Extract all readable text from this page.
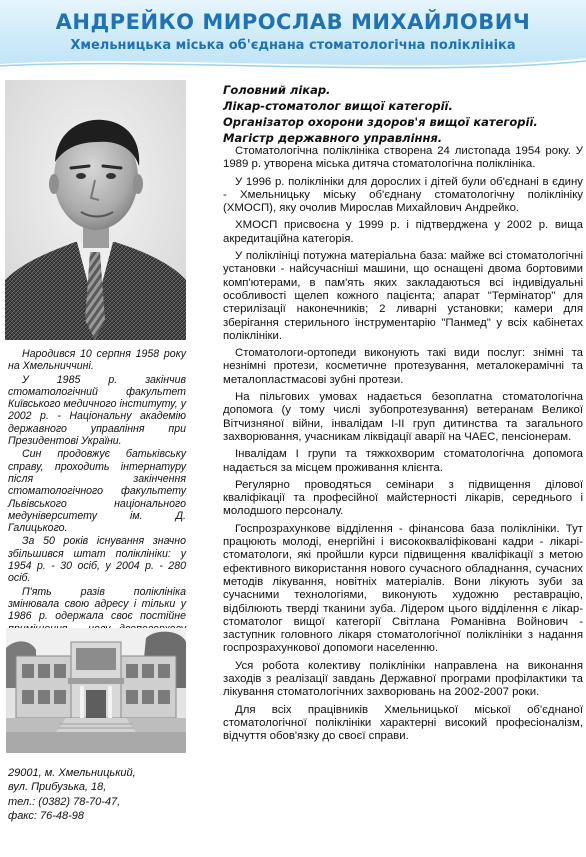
АНДРЕЙКО МИРОСЛАВ МИХАЙЛОВИЧ
Хмельницька міська об'єднана стоматологічна поліклініка

Народився 10 серпня 1958 року на Хмельниччині.

У 1985 р. закінчив стоматологічний факультет Київського медичного інституту, у 2002 р. - Національну академію державного управління при Президентові України.

Син продовжує батьківську справу, проходить інтернатуру після закінчення стоматологічного факультету Львівського національного медуніверситету ім. Д. Галицького.

За 50 років існування значно збільшився штат поліклініки: у 1954 р. - 30 осіб, у 2004 р. - 280 осіб.

П'ять разів поліклініка змінювала свою адресу і тільки у 1986 р. одержала своє постійне

29001, м. Хмельницький,
вул. Прибузька, 18,
тел.: (0382) 78-70-47,
факс: 76-48-98
Головний лікар.
Лікар-стоматолог вищої категорії.
Організатор охорони здоров'я вищої категорії.
Магістр державного управління.

Стоматологічна поліклініка створена 24 листопада 1954 року. У 1989 р. утворена міська дитяча стоматологічна поліклініка.

У 1996 р. поліклініки для дорослих і дітей були об'єднані в єдину - Хмельницьку міську об'єднану стоматологічну поліклініку (ХМОСП), яку очолив Мирослав Михайлович Андрейко.

ХМОСП присвоєна у 1999 р. і підтверджена у 2002 р. вища акредитаційна категорія.

У поліклініці потужна матеріальна база: майже всі стоматологічні установки - найсучасніші машини, що оснащені двома бортовими комп'ютерами, в пам'ять яких закладаються всі індивідуальні особливості щелеп кожного пацієнта; апарат "Термінатор" для стерилізації наконечників; 2 ливарні установки; камери для зберігання стерильного інструментарію "Панмед" у всіх кабінетах поліклініки.

Стоматологи-ортопеди виконують такі види послуг: знімні та незнімні протези, косметичне протезування, металокерамічні та металопластмасові зубні протези.

На пільгових умовах надається безоплатна стоматологічна допомога (у тому числі зубопротезування) ветеранам Великої Вітчизняної війни, інвалідам I-II груп дитинства та загального захворювання, учасникам ліквідації аварії на ЧАЕС, пенсіонерам.

Інвалідам I групи та тяжкохворим стоматологічна допомога надається за місцем проживання клієнта.

Регулярно проводяться семінари з підвищення ділової кваліфікації та професійної майстерності лікарів, середнього і молодшого персоналу.

Госпрозрахункове відділення - фінансова база поліклініки. Тут працюють молоді, енергійні і висококваліфіковані кадри - лікарі-стоматологи, які пройшли курси підвищення кваліфікації з метою ефективного використання нового сучасного обладнання, сучасних методів лікування, новітніх матеріалів. Вони лікують зуби за сучасними технологіями, виконують художню реставрацію, відбілюють тверді тканини зуба. Лідером цього відділення є лікар-стоматолог вищої категорії Світлана Романівна Войнович - заступник головного лікаря стоматологічної поліклініки з надання госпрозрахункової допомоги населенню.

Уся робота колективу поліклініки направлена на виконання заходів з реалізації завдань Державної програми профілактики та лікування стоматологічних захворювань на 2002-2007 роки.

Для всіх працівників Хмельницької міської об'єднаної стоматологічної поліклініки характерні високий професіоналізм, відчуття обов'язку до своєї справи.
